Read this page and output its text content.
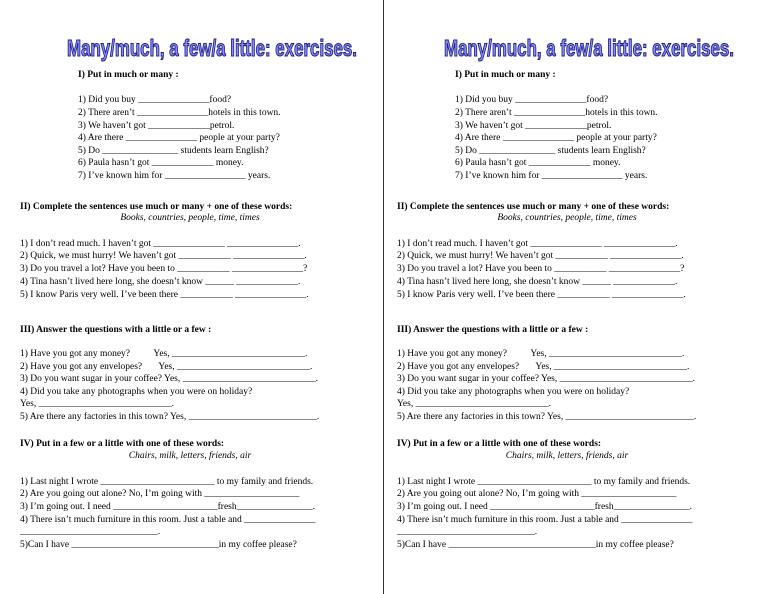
Many/much, a few/a little: exercises.
I) Put in much or many :
1) Did you buy _______________food?
2) There aren’t _______________hotels in this town.
3) We haven’t got _____________petrol.
4) Are there _______________ people at your party?
5) Do ________________ students learn English?
6) Paula hasn’t got _____________ money.
7) I’ve known him for _________________ years.
II) Complete the sentences use much or many + one of these words:
Books, countries, people, time, times
1) I don’t read much. I haven’t got _______________ _______________.
2) Quick, we must hurry! We haven’t got ___________ _______________.
3) Do you travel a lot? Have you been to ___________ _______________?
4) Tina hasn’t lived here long, she doesn’t know ______ _____________.
5) I know Paris very well. I’ve been there ___________ _______________.
III) Answer the questions with a little or a few :
1) Have you got any money?          Yes, ____________________________.
2) Have you got any envelopes?       Yes, ____________________________.
3) Do you want sugar in your coffee? Yes, ____________________________.
4) Did you take any photographs when you were on holiday?
Yes, ____________________________.
5) Are there any factories in this town? Yes, ___________________________.
IV) Put in a few or a little with one of these words:
Chairs, milk, letters, friends, air
1) Last night I wrote ________________________ to my family and friends.
2) Are you going out alone? No, I’m going with ____________________
3) I’m going out. I need ______________________fresh________________.
4) There isn’t much furniture in this room. Just a table and _______________
_____________________________.
5)Can I have _______________________________in my coffee please?
Many/much, a few/a little: exercises.
I) Put in much or many :
1) Did you buy _______________food?
2) There aren’t _______________hotels in this town.
3) We haven’t got _____________petrol.
4) Are there _______________ people at your party?
5) Do ________________ students learn English?
6) Paula hasn’t got _____________ money.
7) I’ve known him for _________________ years.
II) Complete the sentences use much or many + one of these words:
Books, countries, people, time, times
1) I don’t read much. I haven’t got _______________ _______________.
2) Quick, we must hurry! We haven’t got ___________ _______________.
3) Do you travel a lot? Have you been to ___________ _______________?
4) Tina hasn’t lived here long, she doesn’t know ______ _____________.
5) I know Paris very well. I’ve been there ___________ _______________.
III) Answer the questions with a little or a few :
1) Have you got any money?          Yes, ____________________________.
2) Have you got any envelopes?       Yes, ____________________________.
3) Do you want sugar in your coffee? Yes, ____________________________.
4) Did you take any photographs when you were on holiday?
Yes, ____________________________.
5) Are there any factories in this town? Yes, ___________________________.
IV) Put in a few or a little with one of these words:
Chairs, milk, letters, friends, air
1) Last night I wrote ________________________ to my family and friends.
2) Are you going out alone? No, I’m going with ____________________
3) I’m going out. I need ______________________fresh________________.
4) There isn’t much furniture in this room. Just a table and _______________
_____________________________.
5)Can I have _______________________________in my coffee please?
